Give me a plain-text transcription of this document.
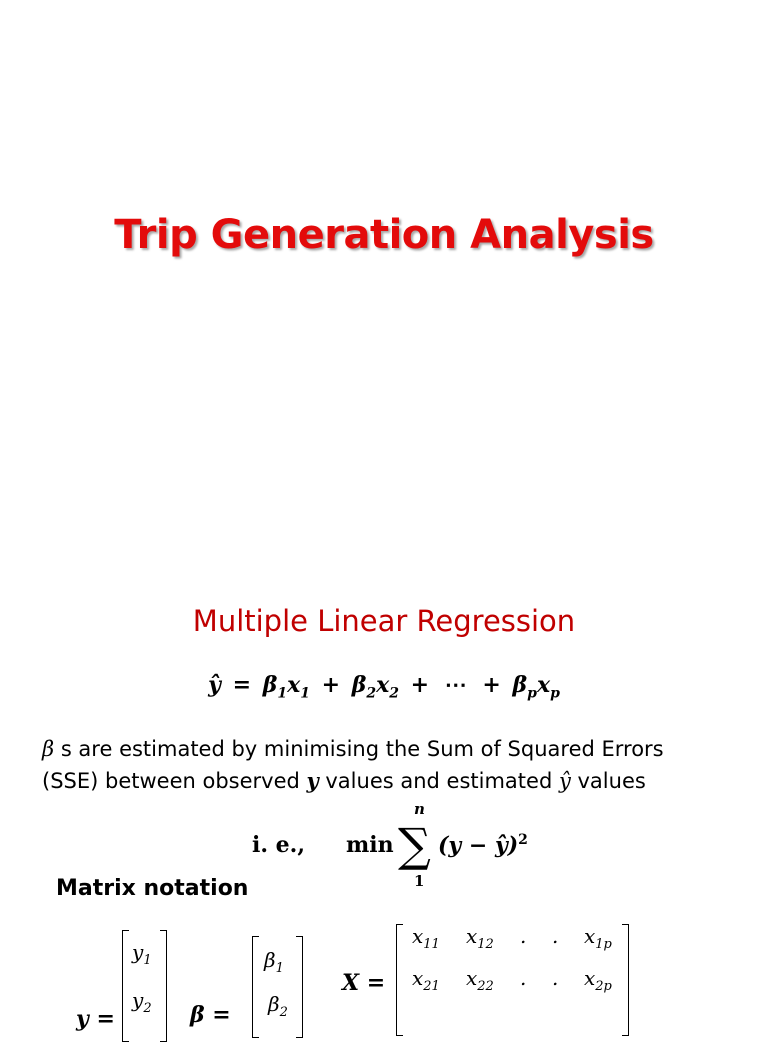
Trip Generation Analysis
Multiple Linear Regression
ŷ = $\beta_1x_1 + \beta_2x_2$ + ⋯ + $\beta_px_p$
β s are estimated by minimising the Sum of Squared Errors
(SSE) between observed y values and estimated ŷ values
i. e., min
n
∑
1
(y − ŷ)$^2$
Matrix notation
y =
$y_1$
$y_2$ β =
$\beta_1$
$\beta_2$
X =
$x_{11}$ $x_{12}$ . . $x_{1p}$
$x_{21}$ $x_{22}$ . . $x_{2p}$
